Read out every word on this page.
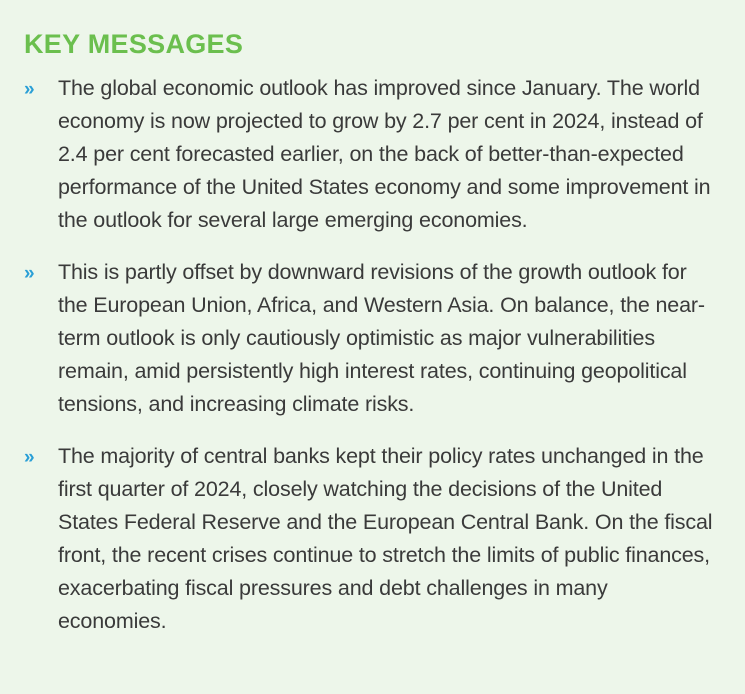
KEY MESSAGES
» The global economic outlook has improved since January. The world economy is now projected to grow by 2.7 per cent in 2024, instead of 2.4 per cent forecasted earlier, on the back of better-than-expected performance of the United States economy and some improvement in the outlook for several large emerging economies.
» This is partly offset by downward revisions of the growth outlook for the European Union, Africa, and Western Asia. On balance, the near-term outlook is only cautiously optimistic as major vulnerabilities remain, amid persistently high interest rates, continuing geopolitical tensions, and increasing climate risks.
» The majority of central banks kept their policy rates unchanged in the first quarter of 2024, closely watching the decisions of the United States Federal Reserve and the European Central Bank. On the fiscal front, the recent crises continue to stretch the limits of public finances, exacerbating fiscal pressures and debt challenges in many economies.
